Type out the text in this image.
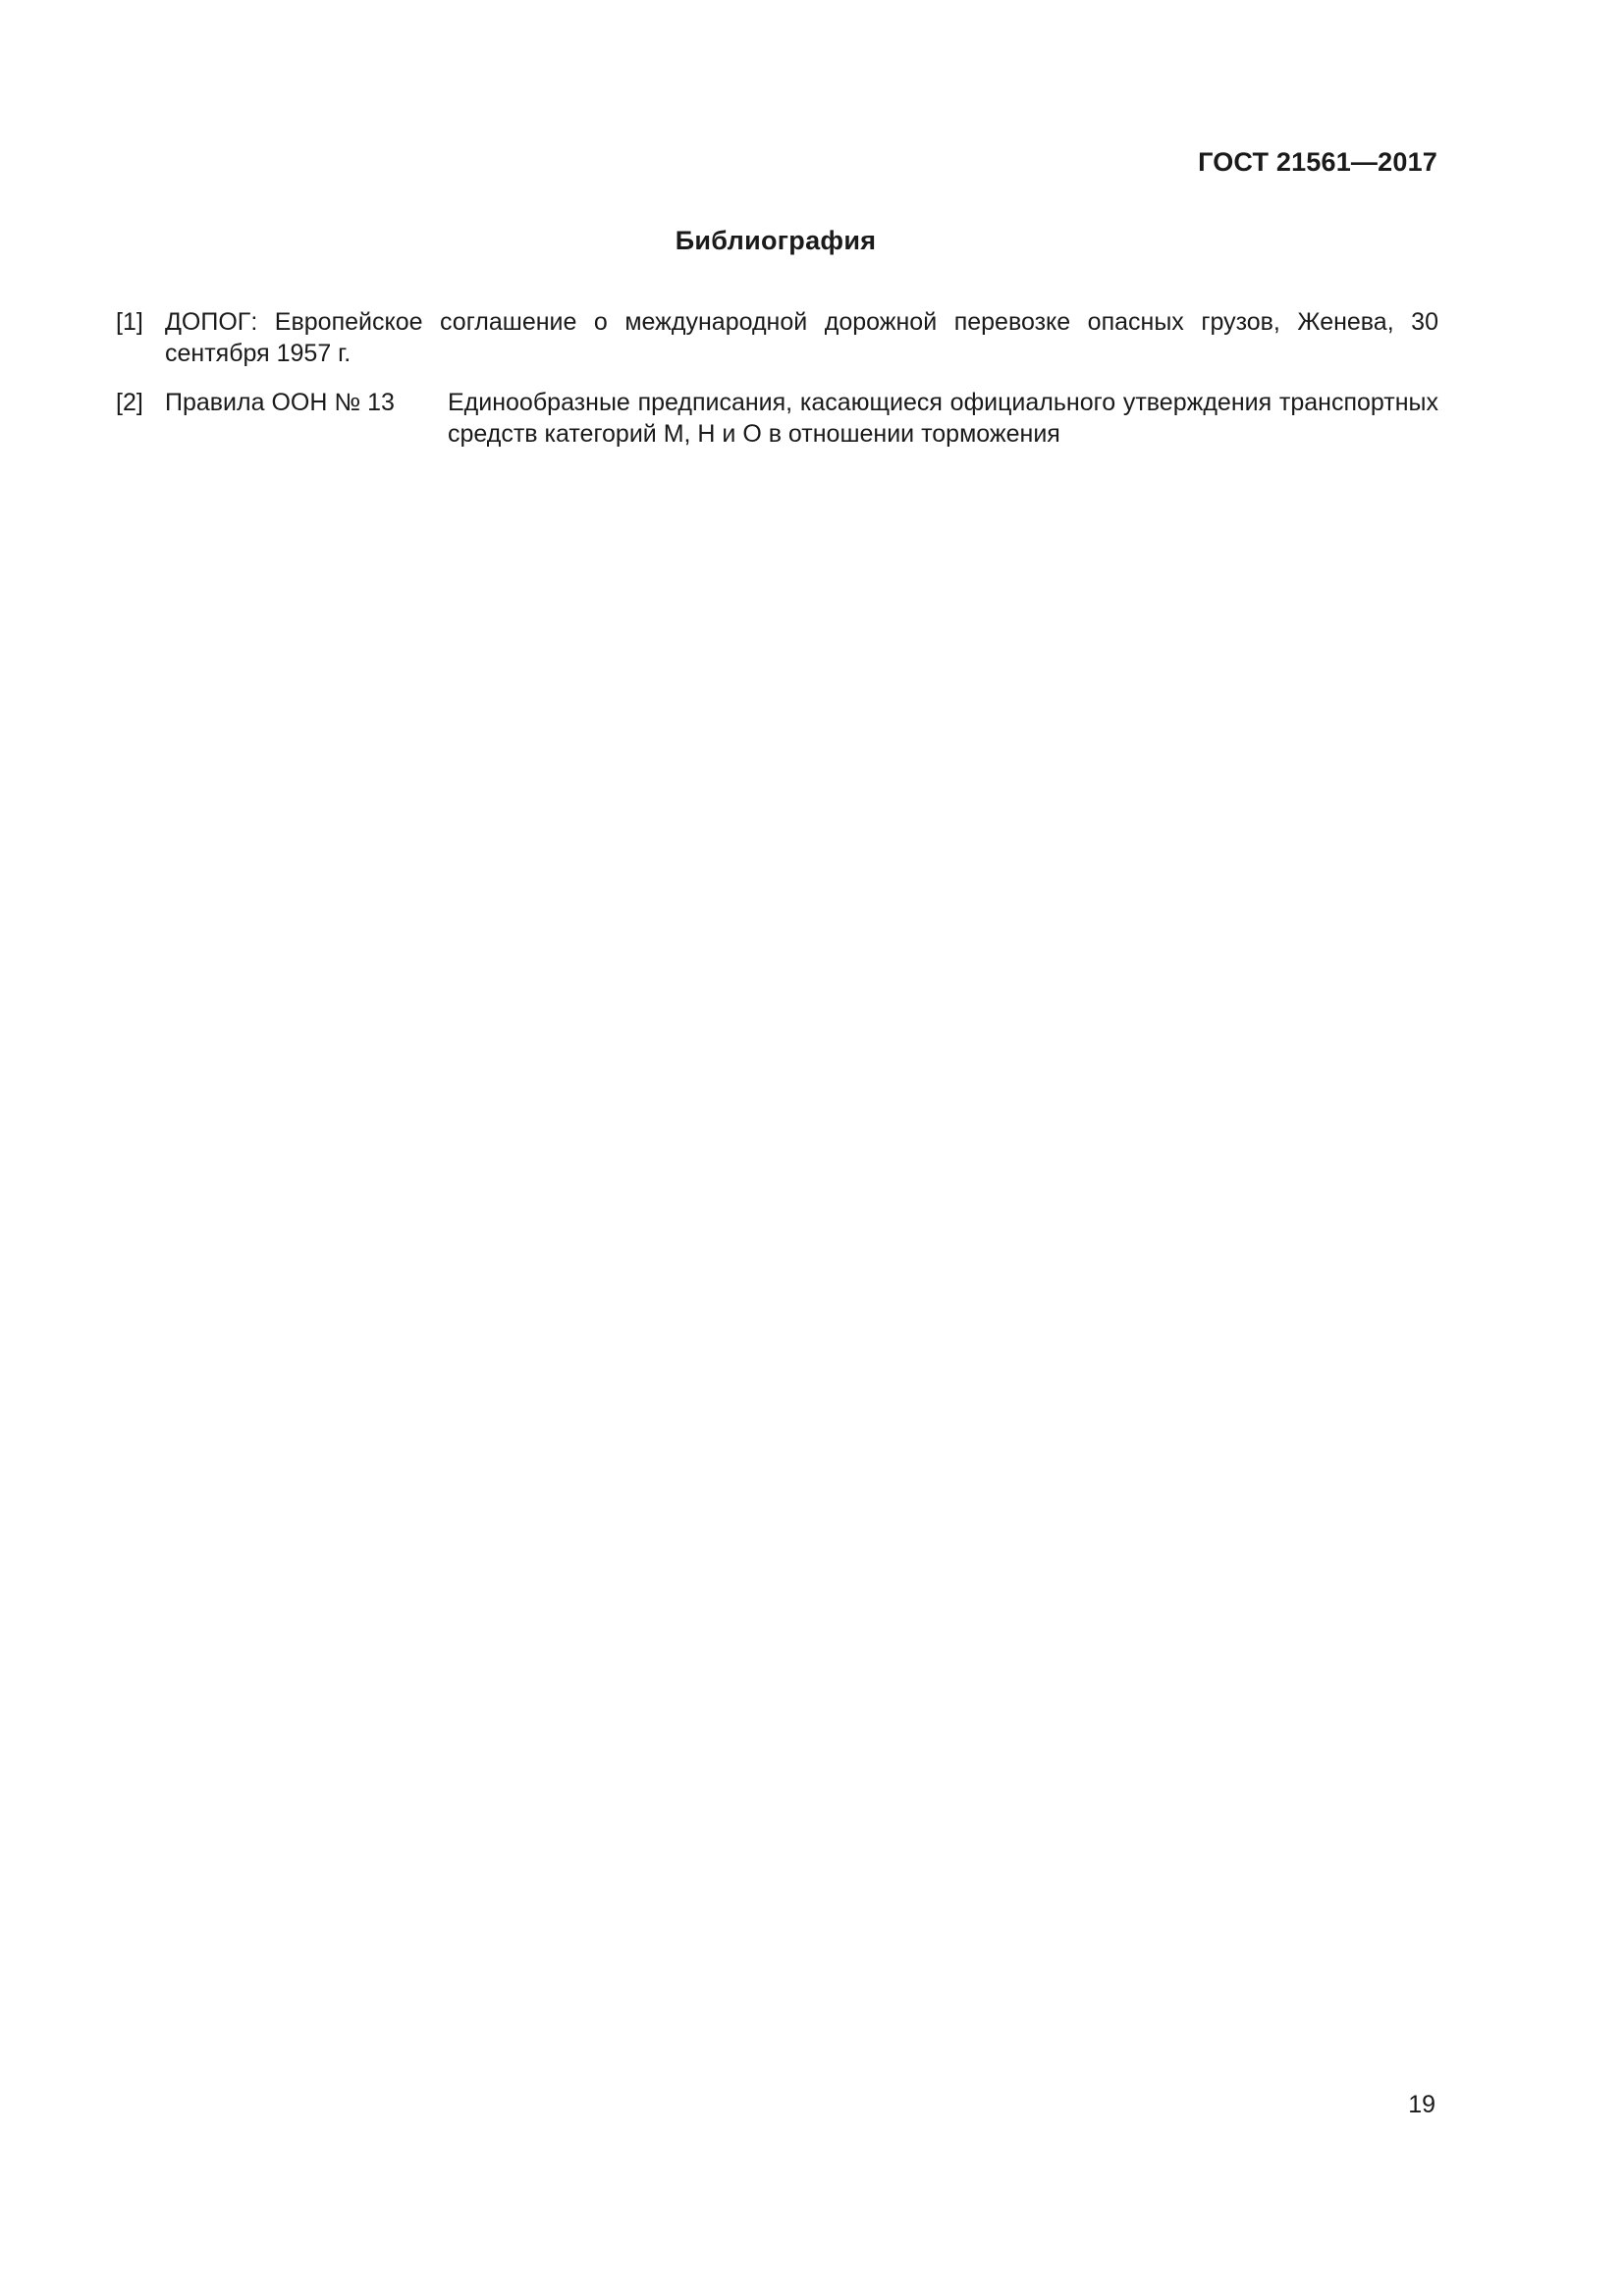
ГОСТ 21561—2017
Библиография
[1] ДОПОГ: Европейское соглашение о международной дорожной перевозке опасных грузов, Женева, 30 сентября 1957 г.
[2] Правила ООН № 13 Единообразные предписания, касающиеся официального утверждения транспортных средств категорий М, Н и О в отношении торможения
19
